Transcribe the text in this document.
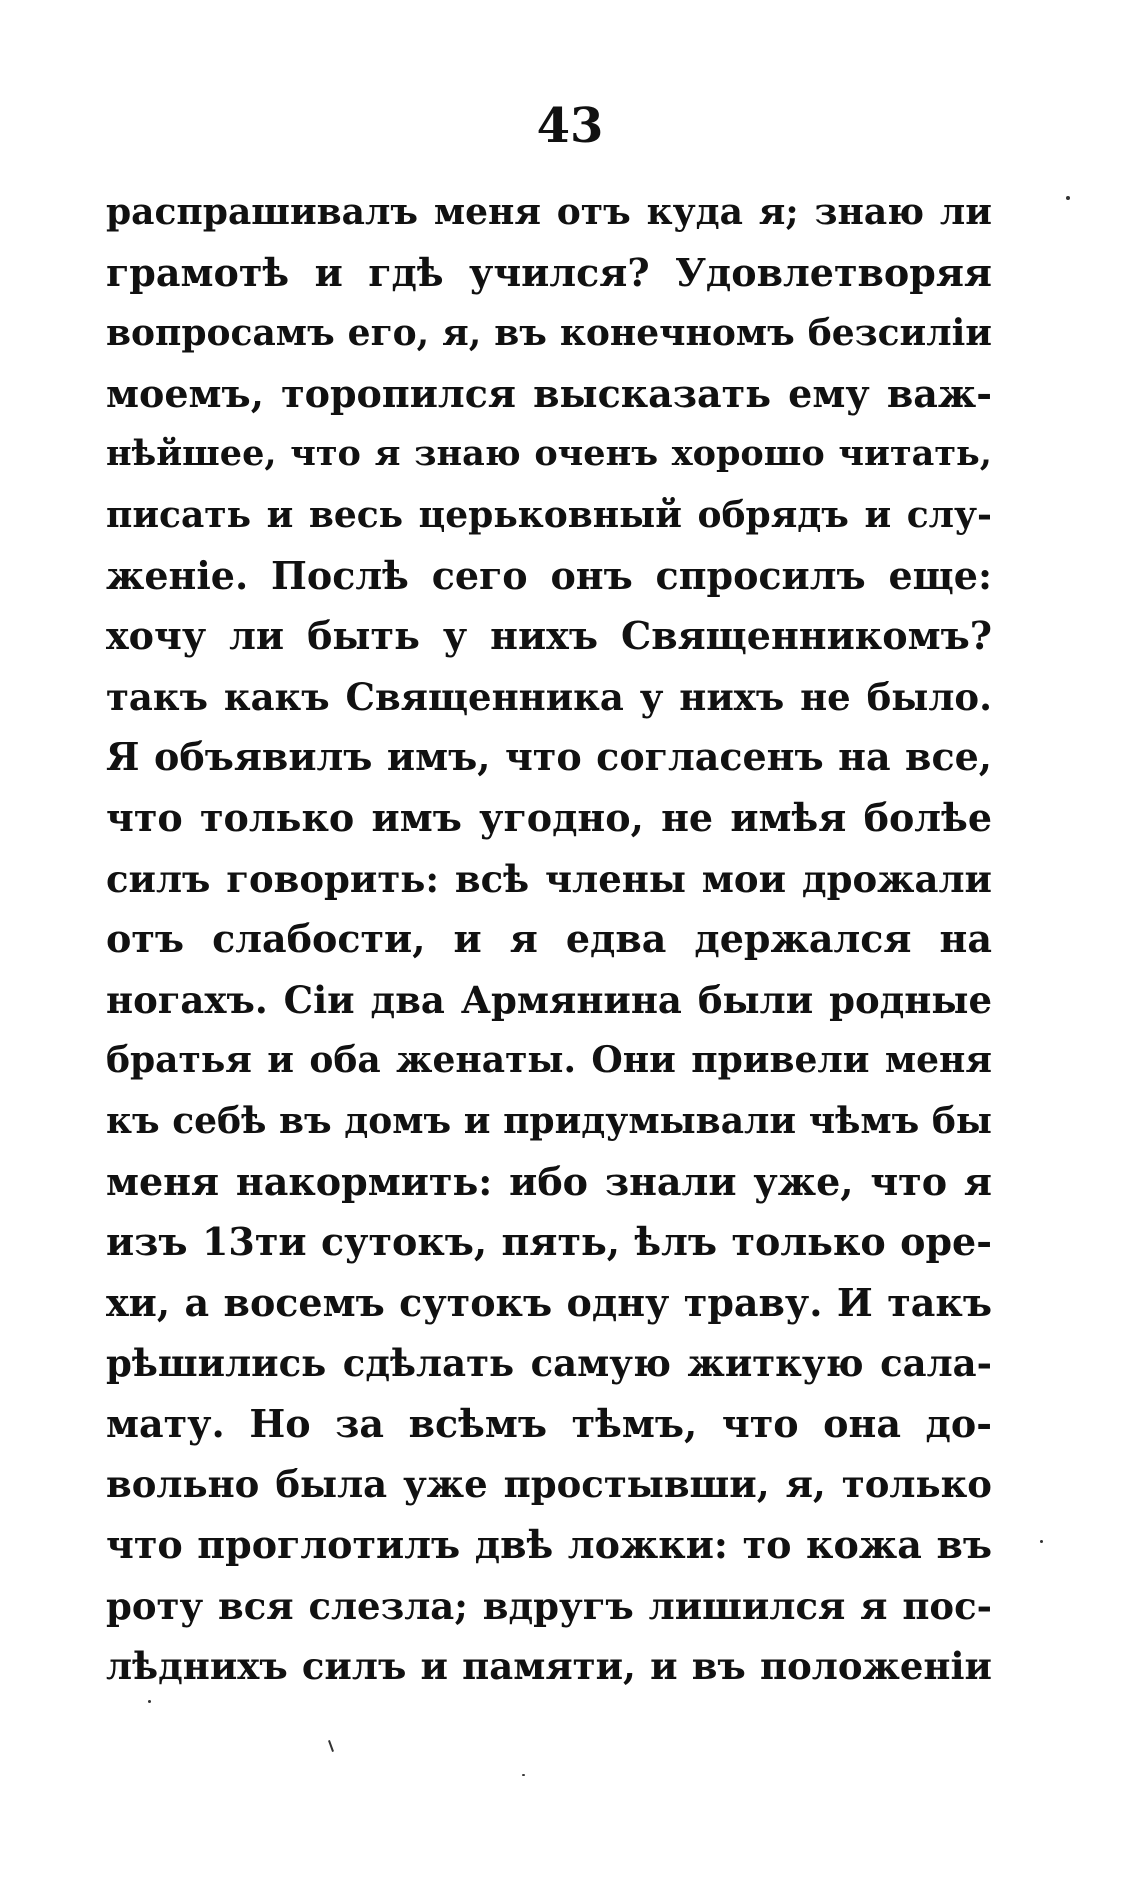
43
распрашивалъ меня отъ куда я; знаю ли
грамотѣ и гдѣ учился? Удовлетворяя
вопросамъ его, я, въ конечномъ безсиліи
моемъ, торопился высказать ему важ-
нѣйшее, что я знаю оченъ хорошо читать,
писать и весь церьковный обрядъ и слу-
женіе. Послѣ сего онъ спросилъ еще:
хочу ли быть у нихъ Священникомъ?
такъ какъ Священника у нихъ не было.
Я объявилъ имъ, что согласенъ на все,
что только имъ угодно, не имѣя болѣе
силъ говорить: всѣ члены мои дрожали
отъ слабости, и я едва держался на
ногахъ. Сіи два Армянина были родные
братья и оба женаты. Они привели меня
къ себѣ въ домъ и придумывали чѣмъ бы
меня накормить: ибо знали уже, что я
изъ 13ти сутокъ, пять, ѣлъ только оре-
хи, а восемъ сутокъ одну траву. И такъ
рѣшились сдѣлать самую житкую сала-
мату. Но за всѣмъ тѣмъ, что она до-
вольно была уже простывши, я, только
что проглотилъ двѣ ложки: то кожа въ
роту вся слезла; вдругъ лишился я пос-
лѣднихъ силъ и памяти, и въ положеніи
